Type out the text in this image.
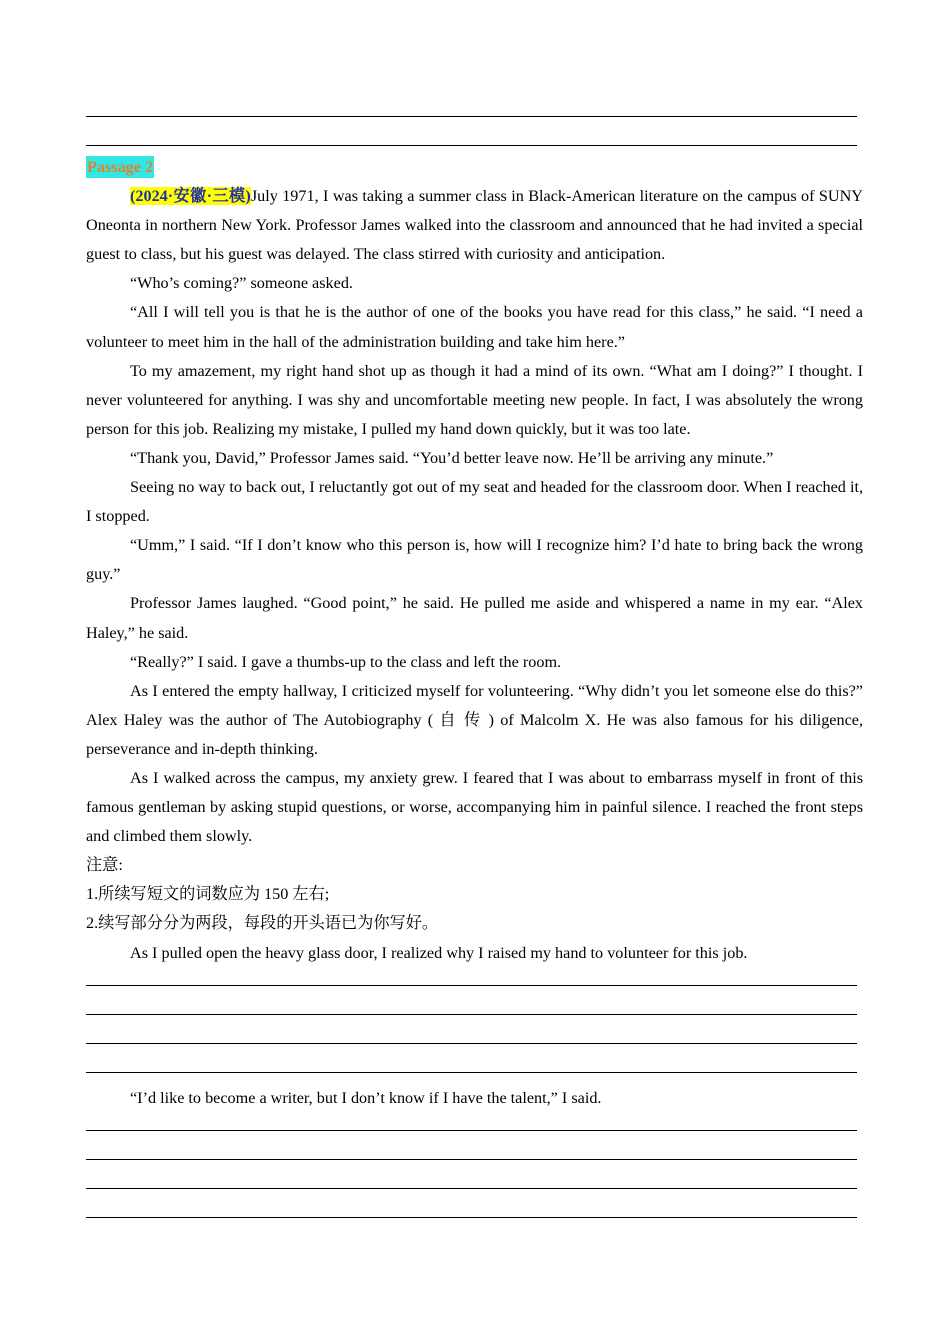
Passage 2

(2024·安徽·三模)July 1971, I was taking a summer class in Black-American literature on the campus of SUNY Oneonta in northern New York. Professor James walked into the classroom and announced that he had invited a special guest to class, but his guest was delayed. The class stirred with curiosity and anticipation.

“Who’s coming?” someone asked.

“All I will tell you is that he is the author of one of the books you have read for this class,” he said. “I need a volunteer to meet him in the hall of the administration building and take him here.”

To my amazement, my right hand shot up as though it had a mind of its own. “What am I doing?” I thought. I never volunteered for anything. I was shy and uncomfortable meeting new people. In fact, I was absolutely the wrong person for this job. Realizing my mistake, I pulled my hand down quickly, but it was too late.

“Thank you, David,” Professor James said. “You’d better leave now. He’ll be arriving any minute.”

Seeing no way to back out, I reluctantly got out of my seat and headed for the classroom door. When I reached it, I stopped.

“Umm,” I said. “If I don’t know who this person is, how will I recognize him? I’d hate to bring back the wrong guy.”

Professor James laughed. “Good point,” he said. He pulled me aside and whispered a name in my ear. “Alex Haley,” he said.

“Really?” I said. I gave a thumbs-up to the class and left the room.

As I entered the empty hallway, I criticized myself for volunteering. “Why didn’t you let someone else do this?” Alex Haley was the author of The Autobiography ( 自 传 ) of Malcolm X. He was also famous for his diligence, perseverance and in-depth thinking.

As I walked across the campus, my anxiety grew. I feared that I was about to embarrass myself in front of this famous gentleman by asking stupid questions, or worse, accompanying him in painful silence. I reached the front steps and climbed them slowly.

注意:

1.所续写短文的词数应为 150 左右;

2.续写部分分为两段，每段的开头语已为你写好。

As I pulled open the heavy glass door, I realized why I raised my hand to volunteer for this job.

“I’d like to become a writer, but I don’t know if I have the talent,” I said.
